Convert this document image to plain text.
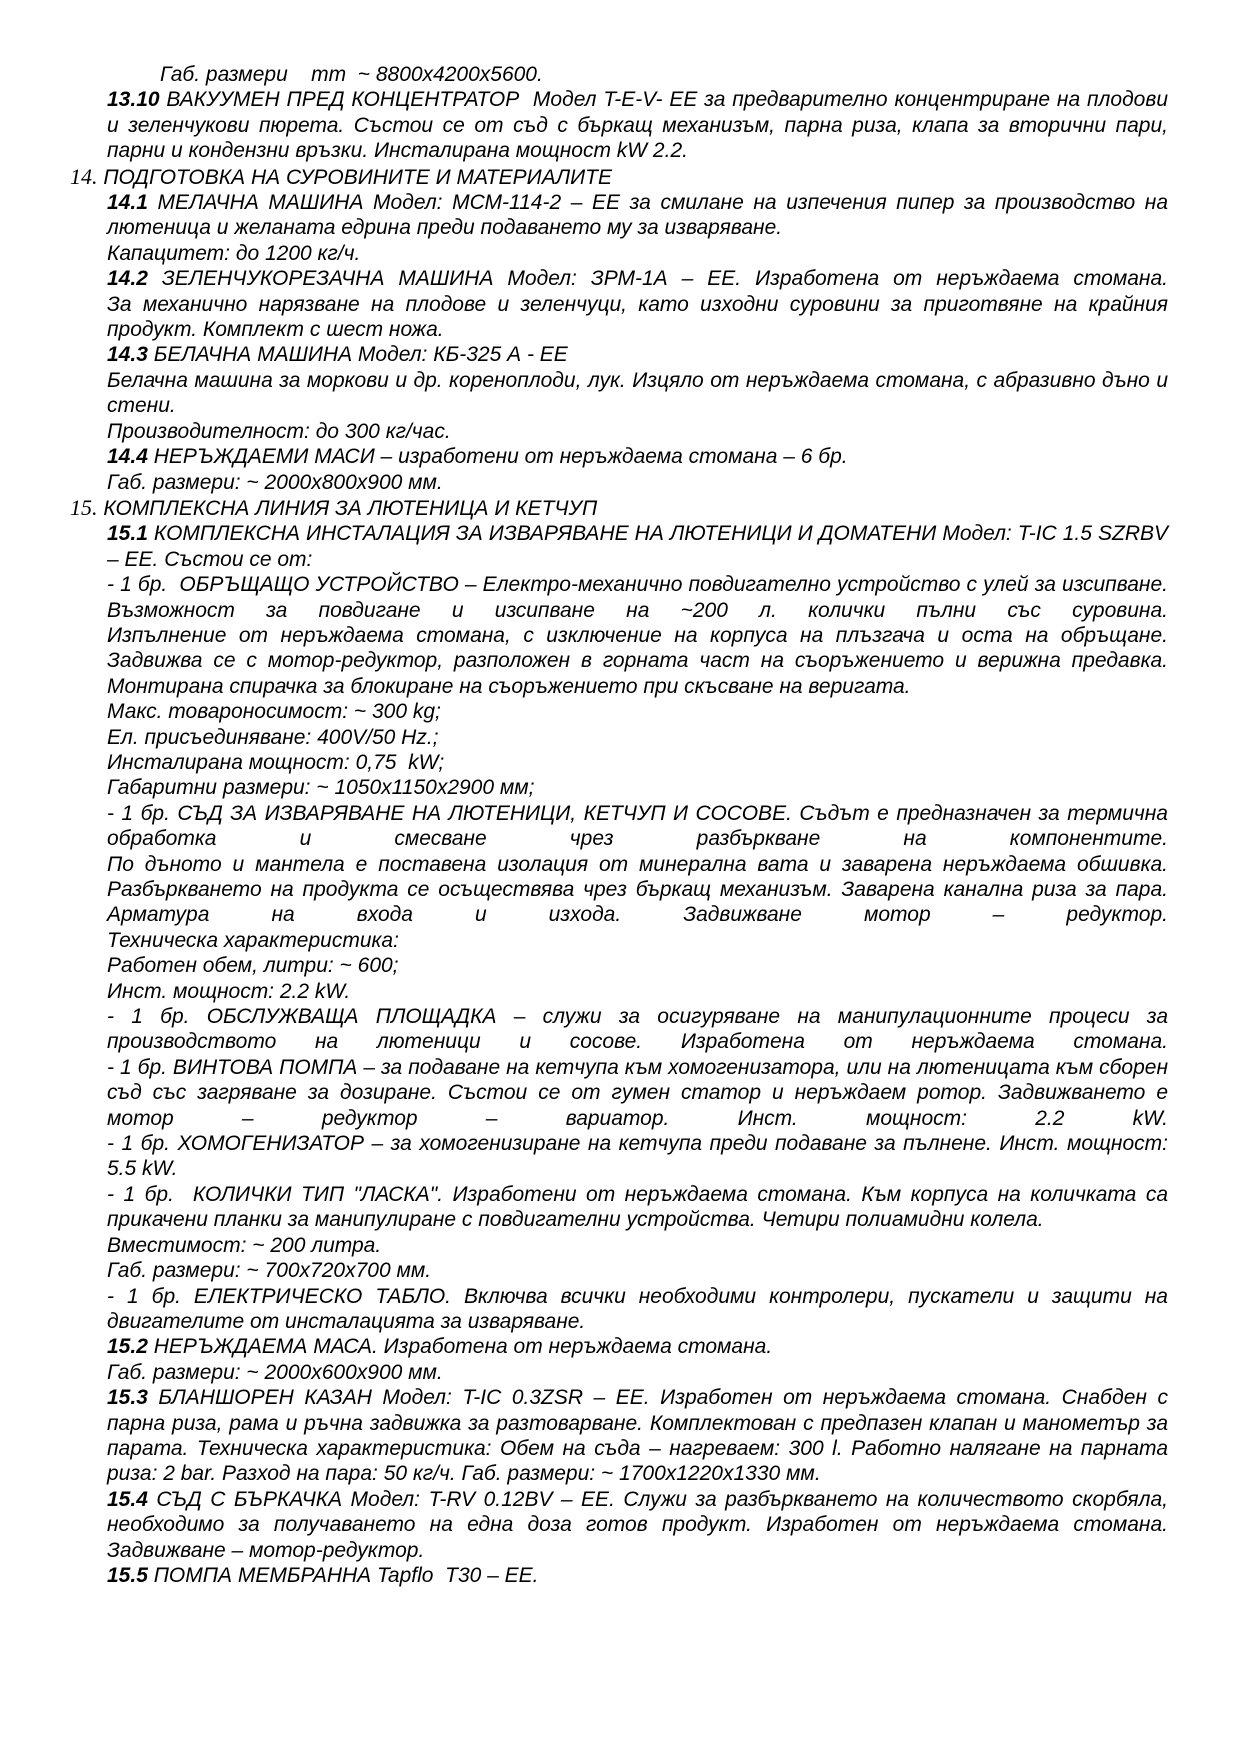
Габ. размери    mm  ~ 8800х4200х5600.

13.10 ВАКУУМЕН ПРЕД КОНЦЕНТРАТОР  Модел T-E-V- ЕЕ за предварително концентриране на плодови и зеленчукови пюрета. Състои се от съд с бъркащ механизъм, парна риза, клапа за вторични пари, парни и кондензни връзки. Инсталирана мощност kW 2.2.

14. ПОДГОТОВКА НА СУРОВИНИТЕ И МАТЕРИАЛИТЕ

14.1 МЕЛАЧНА МАШИНА Модел: МСМ-114-2 – ЕЕ за смилане на изпечения пипер за производство на лютеница и желаната едрина преди подаването му за изваряване.

Капацитет: до 1200 кг/ч.

14.2 ЗЕЛЕНЧУКОРЕЗАЧНА МАШИНА Модел: ЗРМ-1А – ЕЕ. Изработена от неръждаема стомана.

За механично нарязване на плодове и зеленчуци, като изходни суровини за приготвяне на крайния продукт. Комплект с шест ножа.

14.3 БЕЛАЧНА МАШИНА Модел: КБ-325 А - ЕЕ

Белачна машина за моркови и др. кореноплоди, лук. Изцяло от неръждаема стомана, с абразивно дъно и стени.

Производителност: до 300 кг/час.

14.4 НЕРЪЖДАЕМИ МАСИ – изработени от неръждаема стомана – 6 бр.

Габ. размери: ~ 2000х800х900 мм.

15. КОМПЛЕКСНА ЛИНИЯ ЗА ЛЮТЕНИЦА И КЕТЧУП

15.1 КОМПЛЕКСНА ИНСТАЛАЦИЯ ЗА ИЗВАРЯВАНЕ НА ЛЮТЕНИЦИ И ДОМАТЕНИ Модел: T-IC 1.5 SZRBV – ЕЕ. Състои се от:

- 1 бр.  ОБРЪЩАЩО УСТРОЙСТВО – Електро-механично повдигателно устройство с улей за изсипване. Възможност за повдигане и изсипване на ~200 л. колички пълни със суровина.

Изпълнение от неръждаема стомана, с изключение на корпуса на плъзгача и оста на обръщане.

Задвижва се с мотор-редуктор, разположен в горната част на съоръжението и верижна предавка.

Монтирана спирачка за блокиране на съоръжението при скъсване на веригата.

Макс. товароносимост: ~ 300 kg;

Ел. присъединяване: 400V/50 Hz.;

Инсталирана мощност: 0,75  kW;

Габаритни размери: ~ 1050х1150х2900 мм;

- 1 бр. СЪД ЗА ИЗВАРЯВАНЕ НА ЛЮТЕНИЦИ, КЕТЧУП И СОСОВЕ. Съдът е предназначен за термична обработка и смесване чрез разбъркване на компонентите.

По дъното и мантела е поставена изолация от минерална вата и заварена неръждаема обшивка.

Разбъркването на продукта се осъществява чрез бъркащ механизъм. Заварена канална риза за пара. Арматура на входа и изхода. Задвижване мотор – редуктор.

Техническа характеристика:

Работен обем, литри: ~ 600;

Инст. мощност: 2.2 kW.

- 1 бр. ОБСЛУЖВАЩА ПЛОЩАДКА – служи за осигуряване на манипулационните процеси за производството на лютеници и сосове. Изработена от неръждаема стомана.

- 1 бр. ВИНТОВА ПОМПА – за подаване на кетчупа към хомогенизатора, или на лютеницата към сборен съд със загряване за дозиране. Състои се от гумен статор и неръждаем ротор. Задвижването е мотор – редуктор – вариатор. Инст. мощност: 2.2 kW.

- 1 бр. ХОМОГЕНИЗАТОР – за хомогенизиране на кетчупа преди подаване за пълнене. Инст. мощност: 5.5 kW.

- 1 бр.  КОЛИЧКИ ТИП "ЛАСКА". Изработени от неръждаема стомана. Към корпуса на количката са прикачени планки за манипулиране с повдигателни устройства. Четири полиамидни колела.

Вместимост: ~ 200 литра.

Габ. размери: ~ 700х720х700 мм.

- 1 бр. ЕЛЕКТРИЧЕСКО ТАБЛО. Включва всички необходими контролери, пускатели и защити на двигателите от инсталацията за изваряване.

15.2 НЕРЪЖДАЕМА МАСА. Изработена от неръждаема стомана.

Габ. размери: ~ 2000х600х900 мм.

15.3 БЛАНШОРЕН КАЗАН Модел: T-IC 0.3ZSR – ЕЕ. Изработен от неръждаема стомана. Снабден с парна риза, рама и ръчна задвижка за разтоварване. Комплектован с предпазен клапан и манометър за парата. Техническа характеристика: Обем на съда – нагреваем: 300 l. Работно налягане на парната риза: 2 bar. Разход на пара: 50 кг/ч. Габ. размери: ~ 1700х1220х1330 мм.

15.4 СЪД С БЪРКАЧКА Модел: T-RV 0.12BV – ЕЕ. Служи за разбъркването на количеството скорбяла, необходимо за получаването на една доза готов продукт. Изработен от неръждаема стомана. Задвижване – мотор-редуктор.

15.5 ПОМПА МЕМБРАННА Tapflo  Т30 – ЕЕ.
